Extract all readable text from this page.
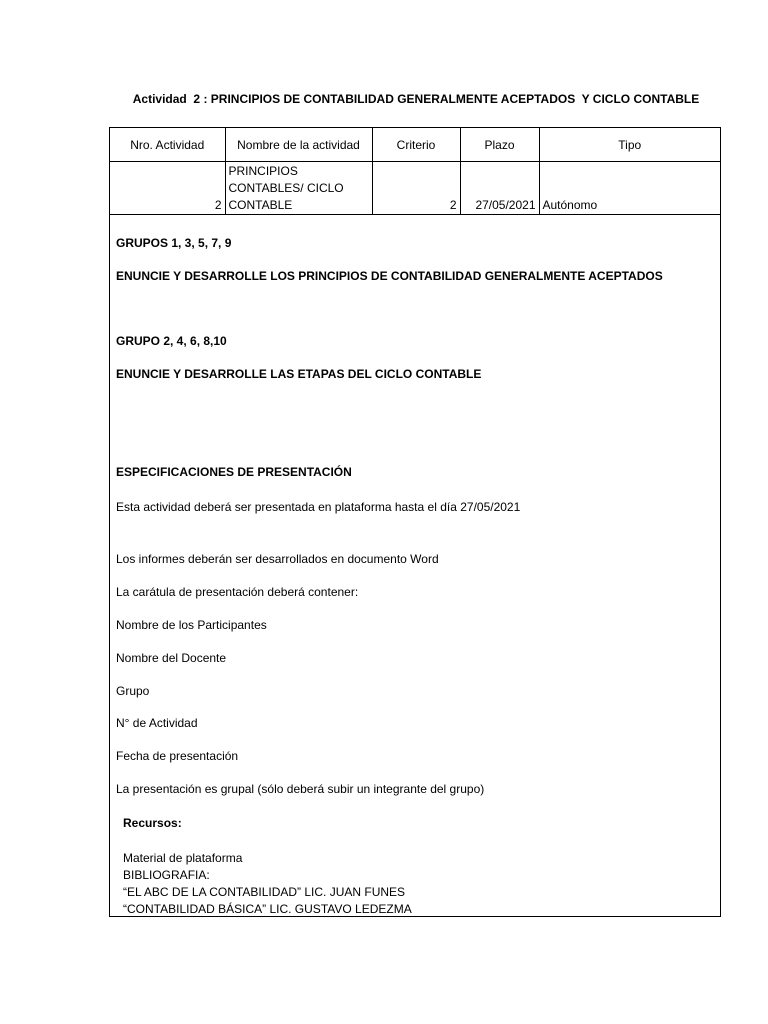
Actividad  2 : PRINCIPIOS DE CONTABILIDAD GENERALMENTE ACEPTADOS  Y CICLO CONTABLE
Nro. Actividad	Nombre de la actividad	Criterio	Plazo	Tipo
2	PRINCIPIOS
CONTABLES/ CICLO
CONTABLE	2	27/05/2021	Autónomo
GRUPOS 1, 3, 5, 7, 9
ENUNCIE Y DESARROLLE LOS PRINCIPIOS DE CONTABILIDAD GENERALMENTE ACEPTADOS
GRUPO 2, 4, 6, 8,10
ENUNCIE Y DESARROLLE LAS ETAPAS DEL CICLO CONTABLE
ESPECIFICACIONES DE PRESENTACIÓN
Esta actividad deberá ser presentada en plataforma hasta el día 27/05/2021
Los informes deberán ser desarrollados en documento Word
La carátula de presentación deberá contener:
Nombre de los Participantes
Nombre del Docente
Grupo
N° de Actividad
Fecha de presentación
La presentación es grupal (sólo deberá subir un integrante del grupo)
Recursos:
Material de plataforma
BIBLIOGRAFIA:
“EL ABC DE LA CONTABILIDAD” LIC. JUAN FUNES
“CONTABILIDAD BÁSICA” LIC. GUSTAVO LEDEZMA
